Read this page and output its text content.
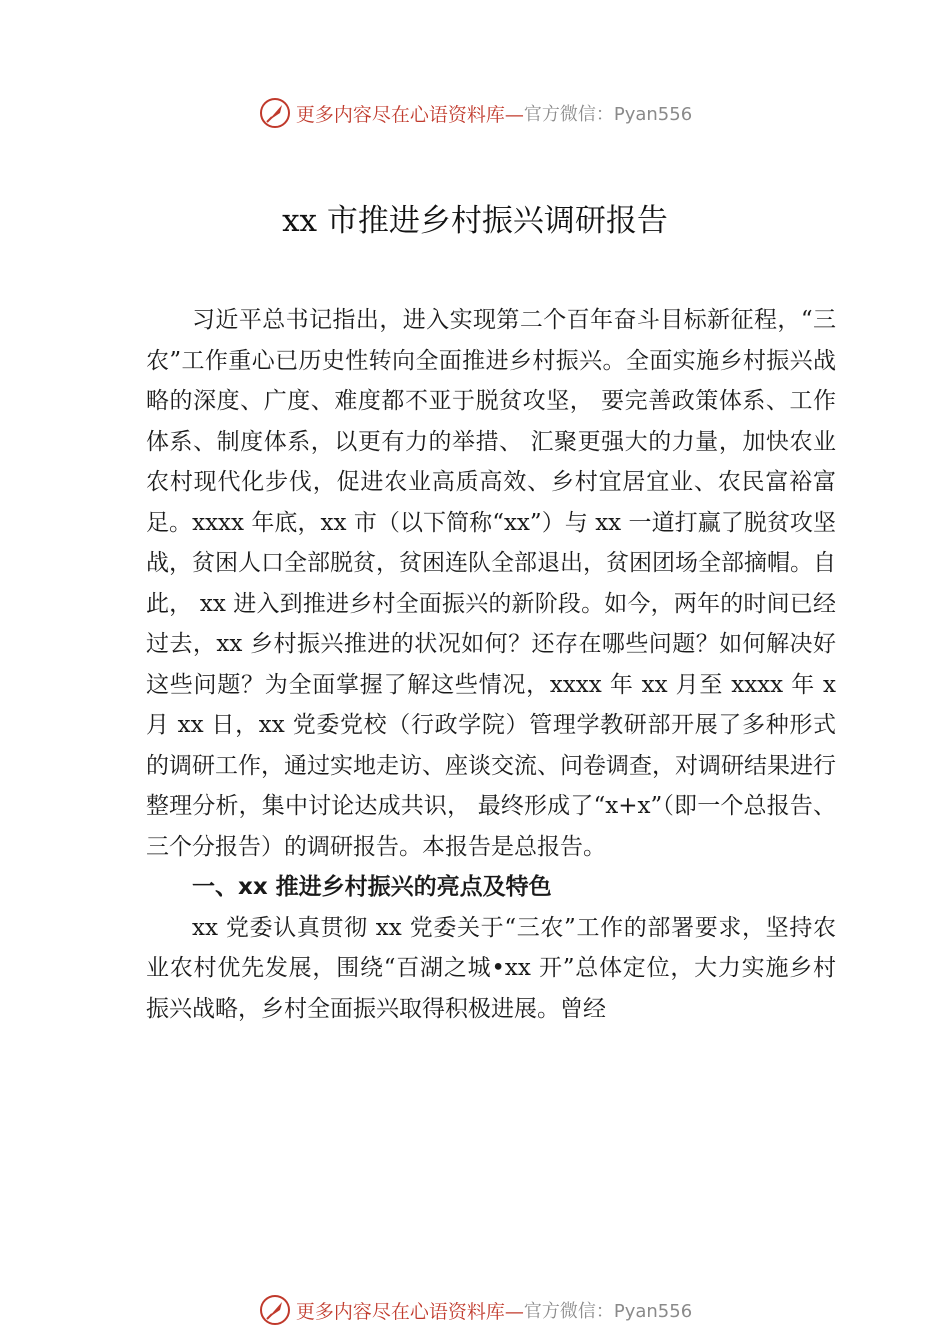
更多内容尽在心语资料库— 官方微信：Pyan556
xx 市推进乡村振兴调研报告

习近平总书记指出，进入实现第二个百年奋斗目标新征程，“三农”工作重心已历史性转向全面推进乡村振兴。全面实施乡村振兴战略的深度、广度、难度都不亚于脱贫攻坚， 要完善政策体系、工作体系、制度体系，以更有力的举措、 汇聚更强大的力量，加快农业农村现代化步伐，促进农业高质高效、乡村宜居宜业、农民富裕富足。xxxx 年底，xx 市（以下简称“xx”）与 xx 一道打赢了脱贫攻坚战，贫困人口全部脱贫，贫困连队全部退出，贫困团场全部摘帽。自此， xx 进入到推进乡村全面振兴的新阶段。如今，两年的时间已经过去，xx 乡村振兴推进的状况如何？还存在哪些问题？如何解决好这些问题？为全面掌握了解这些情况，xxxx 年 xx 月至 xxxx 年 x 月 xx 日，xx 党委党校（行政学院）管理学教研部开展了多种形式的调研工作，通过实地走访、座谈交流、问卷调查，对调研结果进行整理分析，集中讨论达成共识， 最终形成了“x+x”（即一个总报告、三个分报告）的调研报告。本报告是总报告。

一、xx 推进乡村振兴的亮点及特色

xx 党委认真贯彻 xx 党委关于“三农”工作的部署要求，坚持农业农村优先发展，围绕“百湖之城•xx 开”总体定位，大力实施乡村振兴战略，乡村全面振兴取得积极进展。曾经

更多内容尽在心语资料库— 官方微信：Pyan556
